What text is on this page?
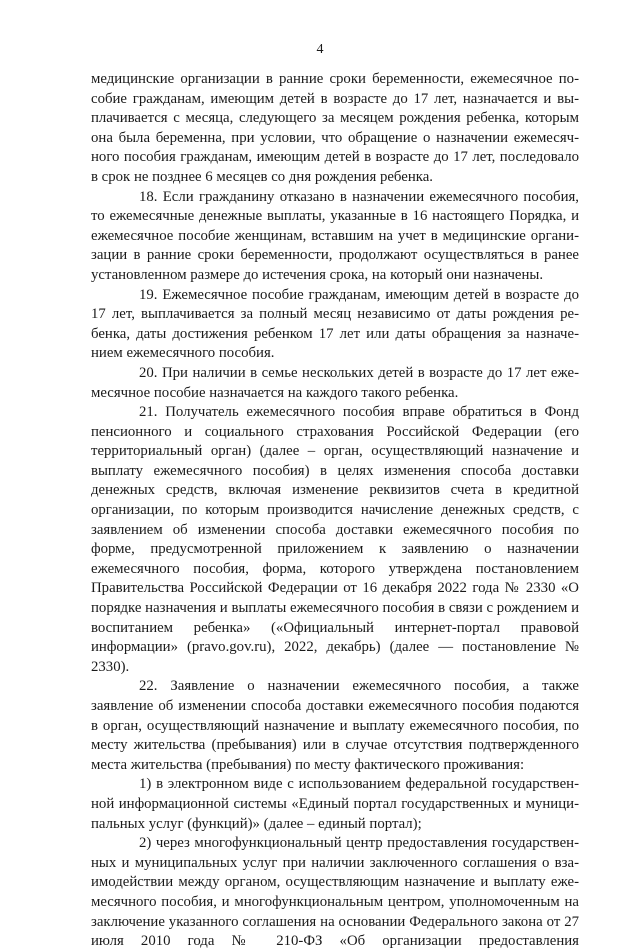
4

медицинские организации в ранние сроки беременности, ежемесячное пособие гражданам, имеющим детей в возрасте до 17 лет, назначается и выплачивается с месяца, следующего за месяцем рождения ребенка, которым она была беременна, при условии, что обращение о назначении ежемесячного пособия гражданам, имеющим детей в возрасте до 17 лет, последовало в срок не позднее 6 месяцев со дня рождения ребенка.

18. Если гражданину отказано в назначении ежемесячного пособия, то ежемесячные денежные выплаты, указанные в 16 настоящего Порядка, и ежемесячное пособие женщинам, вставшим на учет в медицинские организации в ранние сроки беременности, продолжают осуществляться в ранее установленном размере до истечения срока, на который они назначены.

19. Ежемесячное пособие гражданам, имеющим детей в возрасте до 17 лет, выплачивается за полный месяц независимо от даты рождения ребенка, даты достижения ребенком 17 лет или даты обращения за назначением ежемесячного пособия.

20. При наличии в семье нескольких детей в возрасте до 17 лет ежемесячное пособие назначается на каждого такого ребенка.

21. Получатель ежемесячного пособия вправе обратиться в Фонд пенсионного и социального страхования Российской Федерации (его территориальный орган) (далее – орган, осуществляющий назначение и выплату ежемесячного пособия) в целях изменения способа доставки денежных средств, включая изменение реквизитов счета в кредитной организации, по которым производится начисление денежных средств, с заявлением об изменении способа доставки ежемесячного пособия по форме, предусмотренной приложением к заявлению о назначении ежемесячного пособия, форма, которого утверждена постановлением Правительства Российской Федерации от 16 декабря 2022 года № 2330 «О порядке назначения и выплаты ежемесячного пособия в связи с рождением и воспитанием ребенка» («Официальный интернет-портал правовой информации» (pravo.gov.ru), 2022, декабрь) (далее — постановление № 2330).

22. Заявление о назначении ежемесячного пособия, а также заявление об изменении способа доставки ежемесячного пособия подаются в орган, осуществляющий назначение и выплату ежемесячного пособия, по месту жительства (пребывания) или в случае отсутствия подтвержденного места жительства (пребывания) по месту фактического проживания:

1) в электронном виде с использованием федеральной государственной информационной системы «Единый портал государственных и муниципальных услуг (функций)» (далее – единый портал);

2) через многофункциональный центр предоставления государственных и муниципальных услуг при наличии заключенного соглашения о взаимодействии между органом, осуществляющим назначение и выплату ежемесячного пособия, и многофункциональным центром, уполномоченным на заключение указанного соглашения на основании Федерального закона от 27 июля 2010 года № 210-ФЗ «Об организации предоставления
